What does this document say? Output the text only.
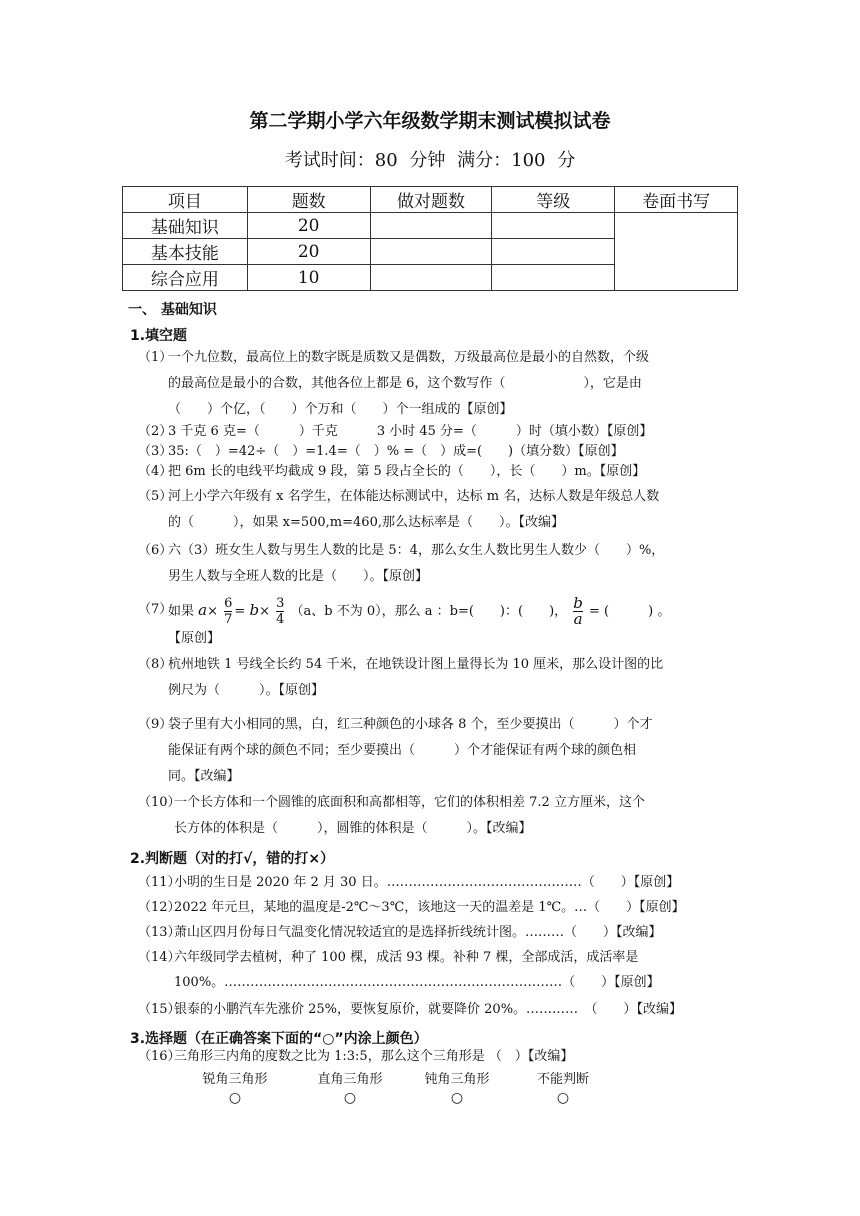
第二学期小学六年级数学期末测试模拟试卷
考试时间：80 分钟 满分：100 分
项目	题数	做对题数	等级	卷面书写
基础知识	20			
基本技能	20			
综合应用	10			
一、 基础知识
1.填空题
（1）
一个九位数，最高位上的数字既是质数又是偶数，万级最高位是最小的自然数，个级
的最高位是最小的合数，其他各位上都是 6，这个数写作（　　　　　　），它是由
（　　）个亿，（　　）个万和（　　）个一组成的【原创】
（2）
3 千克 6 克=（　　　）千克　　　3 小时 45 分=（　　　）时（填小数）【原创】
（3）
35:（　）=42÷（　）=1.4=（　）% =（　）成=(　　)（填分数）【原创】
（4）
把 6m 长的电线平均截成 9 段，第 5 段占全长的（　　），长（　　）m。【原创】
（5）
河上小学六年级有 x 名学生，在体能达标测试中，达标 m 名，达标人数是年级总人数
的（　　　），如果 x=500,m=460,那么达标率是（　　）。【改编】
（6）
六（3）班女生人数与男生人数的比是 5：4，那么女生人数比男生人数少（　　）%，
男生人数与全班人数的比是（　　）。【原创】
（7）
如果 $a\times \frac{6}{7} = b\times \frac{3}{4} (a$、b 不为 0），那么 a ：b=(　　)：(　　)， $\frac{b}{a}$ = (　　　) 。
【原创】
（8）
杭州地铁 1 号线全长约 54 千米，在地铁设计图上量得长为 10 厘米，那么设计图的比
例尺为（　　　）。【原创】
（9）
袋子里有大小相同的黑，白，红三种颜色的小球各 8 个，至少要摸出（　　　）个才
能保证有两个球的颜色不同；至少要摸出（　　　）个才能保证有两个球的颜色相
同。【改编】
（10）
一个长方体和一个圆锥的底面积和高都相等，它们的体积相差 7.2 立方厘米，这个
长方体的体积是（　　　），圆锥的体积是（　　　）。【改编】
2.判断题（对的打√，错的打×）
（11）
小明的生日是 2020 年 2 月 30 日。………………………………………（　　）【原创】
（12）
2022 年元旦，某地的温度是-2℃～3℃，该地这一天的温差是 1℃。…（　　）【原创】
（13）
萧山区四月份每日气温变化情况较适宜的是选择折线统计图。………（　　）【改编】
（14）
六年级同学去植树，种了 100 棵，成活 93 棵。补种 7 棵，全部成活，成活率是
100%。……………………………………………………………………（　　）【原创】
（15）
银泰的小鹏汽车先涨价 25%，要恢复原价，就要降价 20%。…………　（　　）【改编】
3.选择题（在正确答案下面的“○”内涂上颜色）
（16）
三角形三内角的度数之比为 1:3:5，那么这个三角形是 （　）【改编】
锐角三角形
○
直角三角形
○
钝角三角形
○
不能判断
○
